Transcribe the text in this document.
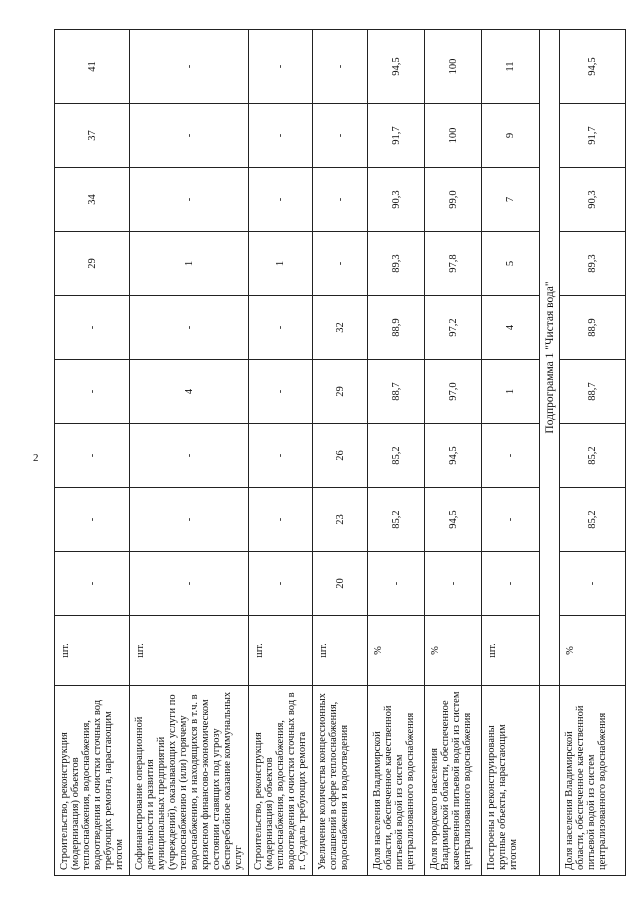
2
Строительство, реконструкция (модернизация) объектов теплоснабжения, водоснабжения, водоотведения и очистки сточных вод требующих ремонта, нарастающим итогом	шт.	-	-	-	-	-	29	34	37	41
Софинансирование операционной деятельности и развития муниципальных предприятий (учреждений), оказывающих услуги по теплоснабжению и (или) горячему водоснабжению, и находящихся в т.ч. в кризисном финансово-экономическом состоянии ставящих под угрозу бесперебойное оказание коммунальных услуг	шт.	-	-	-	4	-	1	-	-	-
Строительство, реконструкция (модернизация) объектов теплоснабжения, водоснабжения, водоотведения и очистки сточных вод в г. Суздаль требующих ремонта	шт.	-	-	-	-	-	1	-	-	-
Увеличение количества концессионных соглашений в сфере теплоснабжения, водоснабжения и водоотведения	шт.	20	23	26	29	32	-	-	-	-
Доля населения Владимирской области, обеспеченное качественной питьевой водой из систем централизованного водоснабжения	%	-	85,2	85,2	88,7	88,9	89,3	90,3	91,7	94,5
Доля городского населения Владимирской области, обеспеченное качественной питьевой водой из систем централизованного водоснабжения	%	-	94,5	94,5	97,0	97,2	97,8	99,0	100	100
Построены и реконструированы крупные объекты, нарастающим итогом	шт.	-	-	-	1	4	5	7	9	11
	Подпрограмма 1 "Чистая вода"									
Доля населения Владимирской области, обеспеченное качественной питьевой водой из систем централизованного водоснабжения	%	-	85,2	85,2	88,7	88,9	89,3	90,3	91,7	94,5
